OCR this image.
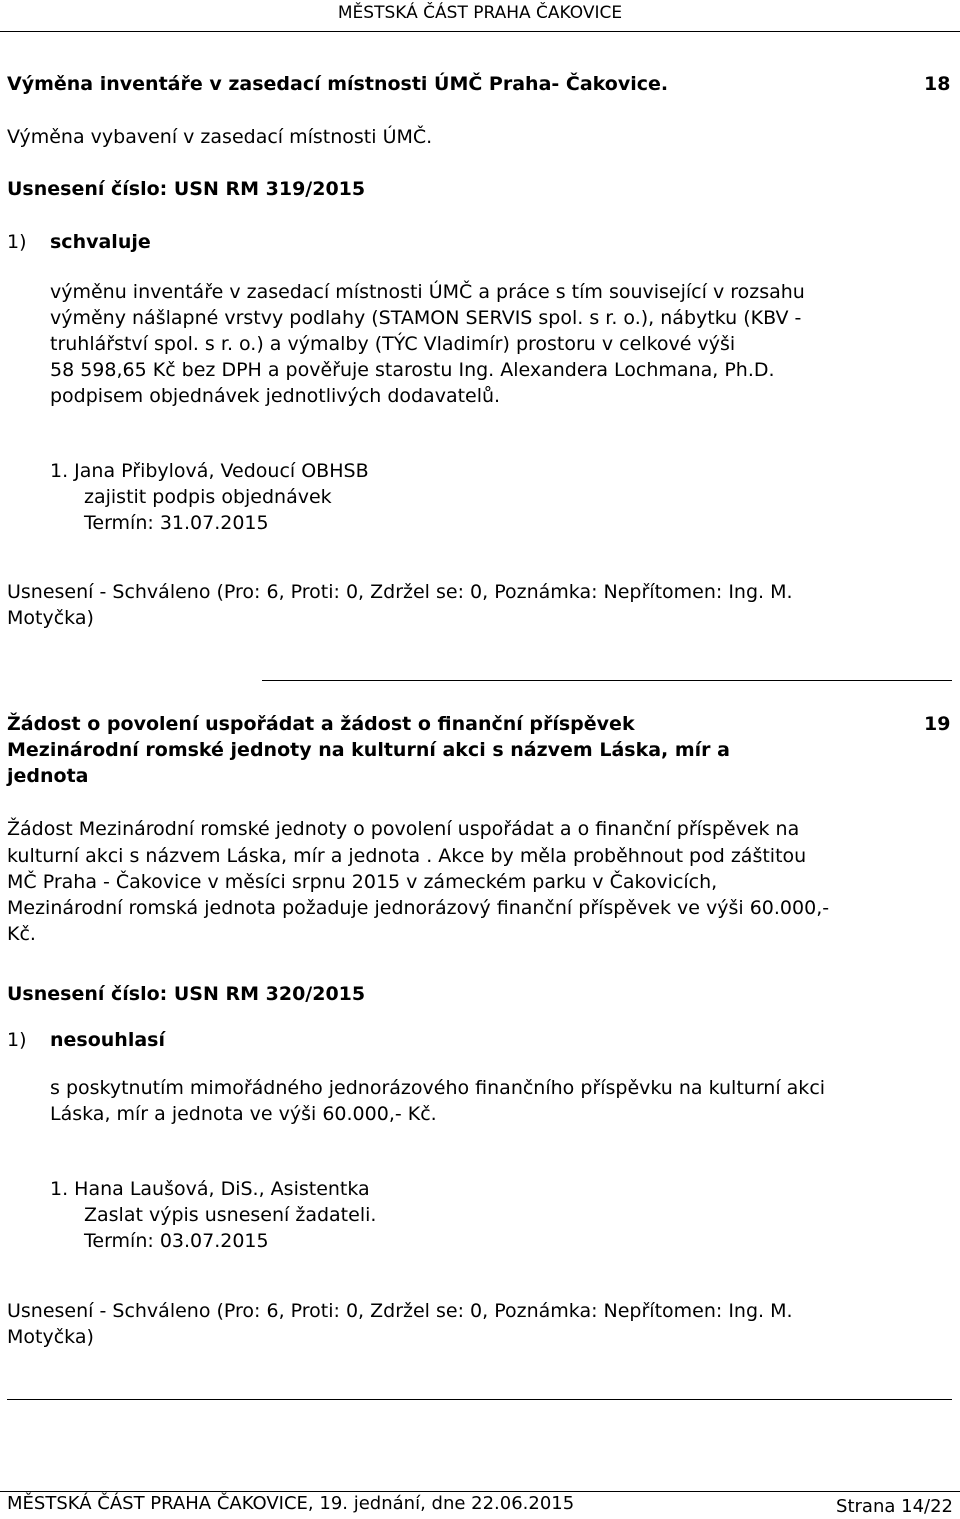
MĚSTSKÁ ČÁST PRAHA ČAKOVICE
Výměna inventáře v zasedací místnosti ÚMČ Praha- Čakovice.	18
Výměna vybavení v zasedací místnosti ÚMČ.
Usnesení číslo: USN RM 319/2015
1) schvaluje
výměnu inventáře v zasedací místnosti ÚMČ a práce s tím související v rozsahu
výměny nášlapné vrstvy podlahy (STAMON SERVIS spol. s r. o.), nábytku (KBV -
truhlářství spol. s r. o.) a výmalby (TÝC Vladimír) prostoru v celkové výši
58 598,65 Kč bez DPH a pověřuje starostu Ing. Alexandera Lochmana, Ph.D.
podpisem objednávek jednotlivých dodavatelů.
1. Jana Přibylová, Vedoucí OBHSB
zajistit podpis objednávek
Termín: 31.07.2015
Usnesení - Schváleno (Pro: 6, Proti: 0, Zdržel se: 0, Poznámka: Nepřítomen: Ing. M.
Motyčka)
Žádost o povolení uspořádat a žádost o finanční příspěvek	19
Mezinárodní romské jednoty na kulturní akci s názvem Láska, mír a
jednota
Žádost Mezinárodní romské jednoty o povolení uspořádat a o finanční příspěvek na
kulturní akci s názvem Láska, mír a jednota . Akce by měla proběhnout pod záštitou
MČ Praha - Čakovice v měsíci srpnu 2015 v zámeckém parku v Čakovicích,
Mezinárodní romská jednota požaduje jednorázový finanční příspěvek ve výši 60.000,-
Kč.
Usnesení číslo: USN RM 320/2015
1) nesouhlasí
s poskytnutím mimořádného jednorázového finančního příspěvku na kulturní akci
Láska, mír a jednota ve výši 60.000,- Kč.
1. Hana Laušová, DiS., Asistentka
Zaslat výpis usnesení žadateli.
Termín: 03.07.2015
Usnesení - Schváleno (Pro: 6, Proti: 0, Zdržel se: 0, Poznámka: Nepřítomen: Ing. M.
Motyčka)
MĚSTSKÁ ČÁST PRAHA ČAKOVICE, 19. jednání, dne 22.06.2015	Strana 14/22
